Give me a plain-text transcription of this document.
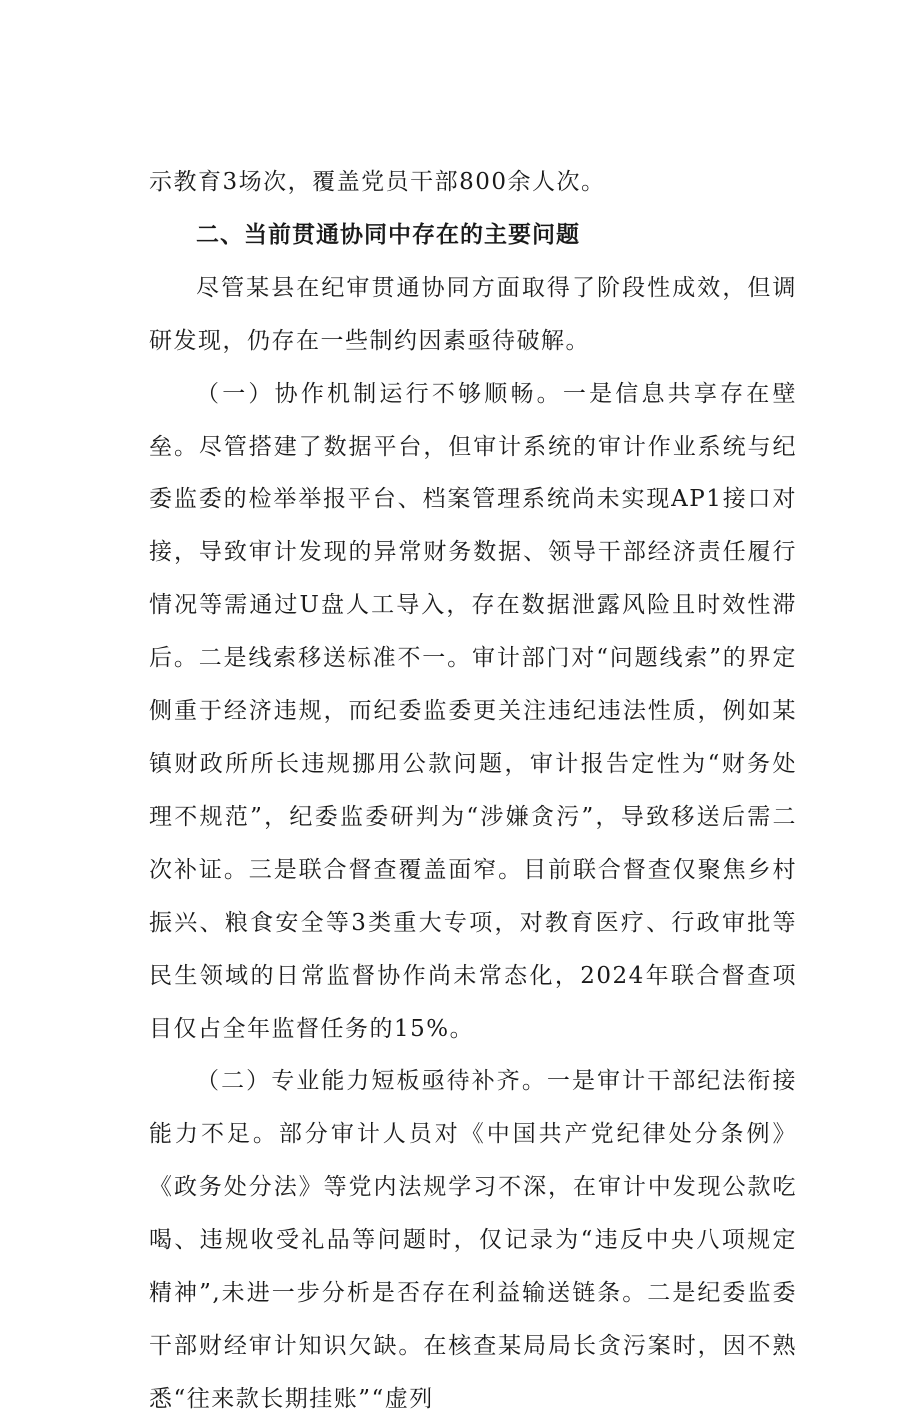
示教育3场次，覆盖党员干部800余人次。

二、当前贯通协同中存在的主要问题

尽管某县在纪审贯通协同方面取得了阶段性成效，但调研发现，仍存在一些制约因素亟待破解。

（一）协作机制运行不够顺畅。一是信息共享存在壁垒。尽管搭建了数据平台，但审计系统的审计作业系统与纪委监委的检举举报平台、档案管理系统尚未实现AP1接口对接，导致审计发现的异常财务数据、领导干部经济责任履行情况等需通过U盘人工导入，存在数据泄露风险且时效性滞后。二是线索移送标准不一。审计部门对“问题线索”的界定侧重于经济违规，而纪委监委更关注违纪违法性质，例如某镇财政所所长违规挪用公款问题，审计报告定性为“财务处理不规范”，纪委监委研判为“涉嫌贪污”，导致移送后需二次补证。三是联合督查覆盖面窄。目前联合督查仅聚焦乡村振兴、粮食安全等3类重大专项，对教育医疗、行政审批等民生领域的日常监督协作尚未常态化，2024年联合督查项目仅占全年监督任务的15%。

（二）专业能力短板亟待补齐。一是审计干部纪法衔接能力不足。部分审计人员对《中国共产党纪律处分条例》《政务处分法》等党内法规学习不深，在审计中发现公款吃喝、违规收受礼品等问题时，仅记录为“违反中央八项规定精神”,未进一步分析是否存在利益输送链条。二是纪委监委干部财经审计知识欠缺。在核查某局局长贪污案时，因不熟悉“往来款长期挂账”“虚列
